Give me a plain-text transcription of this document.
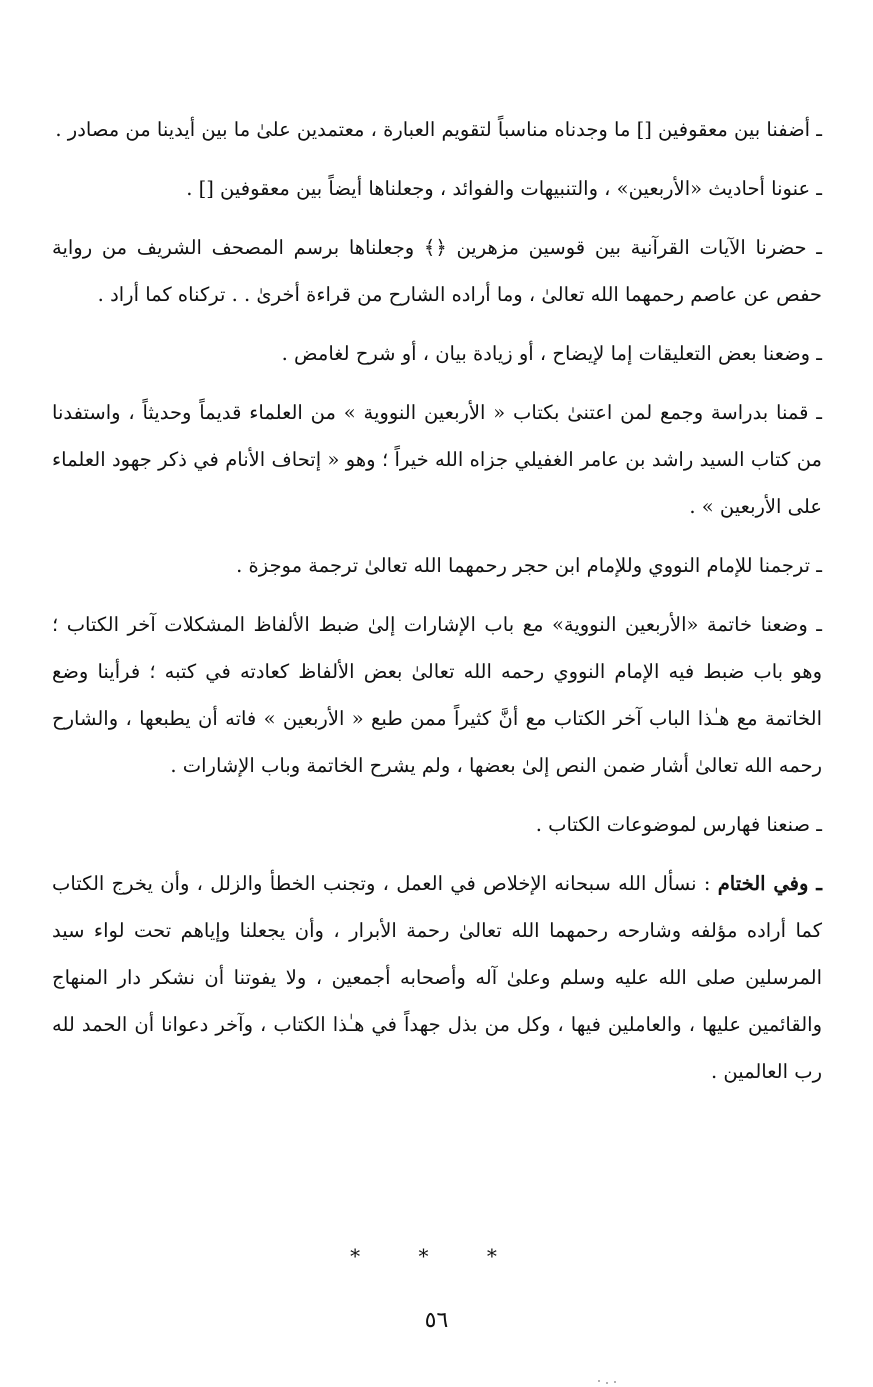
ـ أضفنا بين معقوفين [] ما وجدناه مناسباً لتقويم العبارة ، معتمدين علىٰ ما بين أيدينا من مصادر .

ـ عنونا أحاديث «الأربعين» ، والتنبيهات والفوائد ، وجعلناها أيضاً بين معقوفين [] .

ـ حضرنا الآيات القرآنية بين قوسين مزهرين ﴿﴾ وجعلناها برسم المصحف الشريف من رواية حفص عن عاصم رحمهما الله تعالىٰ ، وما أراده الشارح من قراءة أخرىٰ . . تركناه كما أراد .

ـ وضعنا بعض التعليقات إما لإيضاح ، أو زيادة بيان ، أو شرح لغامض .

ـ قمنا بدراسة وجمع لمن اعتنىٰ بكتاب « الأربعين النووية » من العلماء قديماً وحديثاً ، واستفدنا من كتاب السيد راشد بن عامر الغفيلي جزاه الله خيراً ؛ وهو « إتحاف الأنام في ذكر جهود العلماء على الأربعين » .

ـ ترجمنا للإمام النووي وللإمام ابن حجر رحمهما الله تعالىٰ ترجمة موجزة .

ـ وضعنا خاتمة «الأربعين النووية» مع باب الإشارات إلىٰ ضبط الألفاظ المشكلات آخر الكتاب ؛ وهو باب ضبط فيه الإمام النووي رحمه الله تعالىٰ بعض الألفاظ كعادته في كتبه ؛ فرأينا وضع الخاتمة مع هـٰذا الباب آخر الكتاب مع أنَّ كثيراً ممن طبع « الأربعين » فاته أن يطبعها ، والشارح رحمه الله تعالىٰ أشار ضمن النص إلىٰ بعضها ، ولم يشرح الخاتمة وباب الإشارات .

ـ صنعنا فهارس لموضوعات الكتاب .

ـ وفي الختام : نسأل الله سبحانه الإخلاص في العمل ، وتجنب الخطأ والزلل ، وأن يخرج الكتاب كما أراده مؤلفه وشارحه رحمهما الله تعالىٰ رحمة الأبرار ، وأن يجعلنا وإياهم تحت لواء سيد المرسلين صلى الله عليه وسلم وعلىٰ آله وأصحابه أجمعين ، ولا يفوتنا أن نشكر دار المنهاج والقائمين عليها ، والعاملين فيها ، وكل من بذل جهداً في هـٰذا الكتاب ، وآخر دعوانا أن الحمد لله رب العالمين .

* * *
٥٦
